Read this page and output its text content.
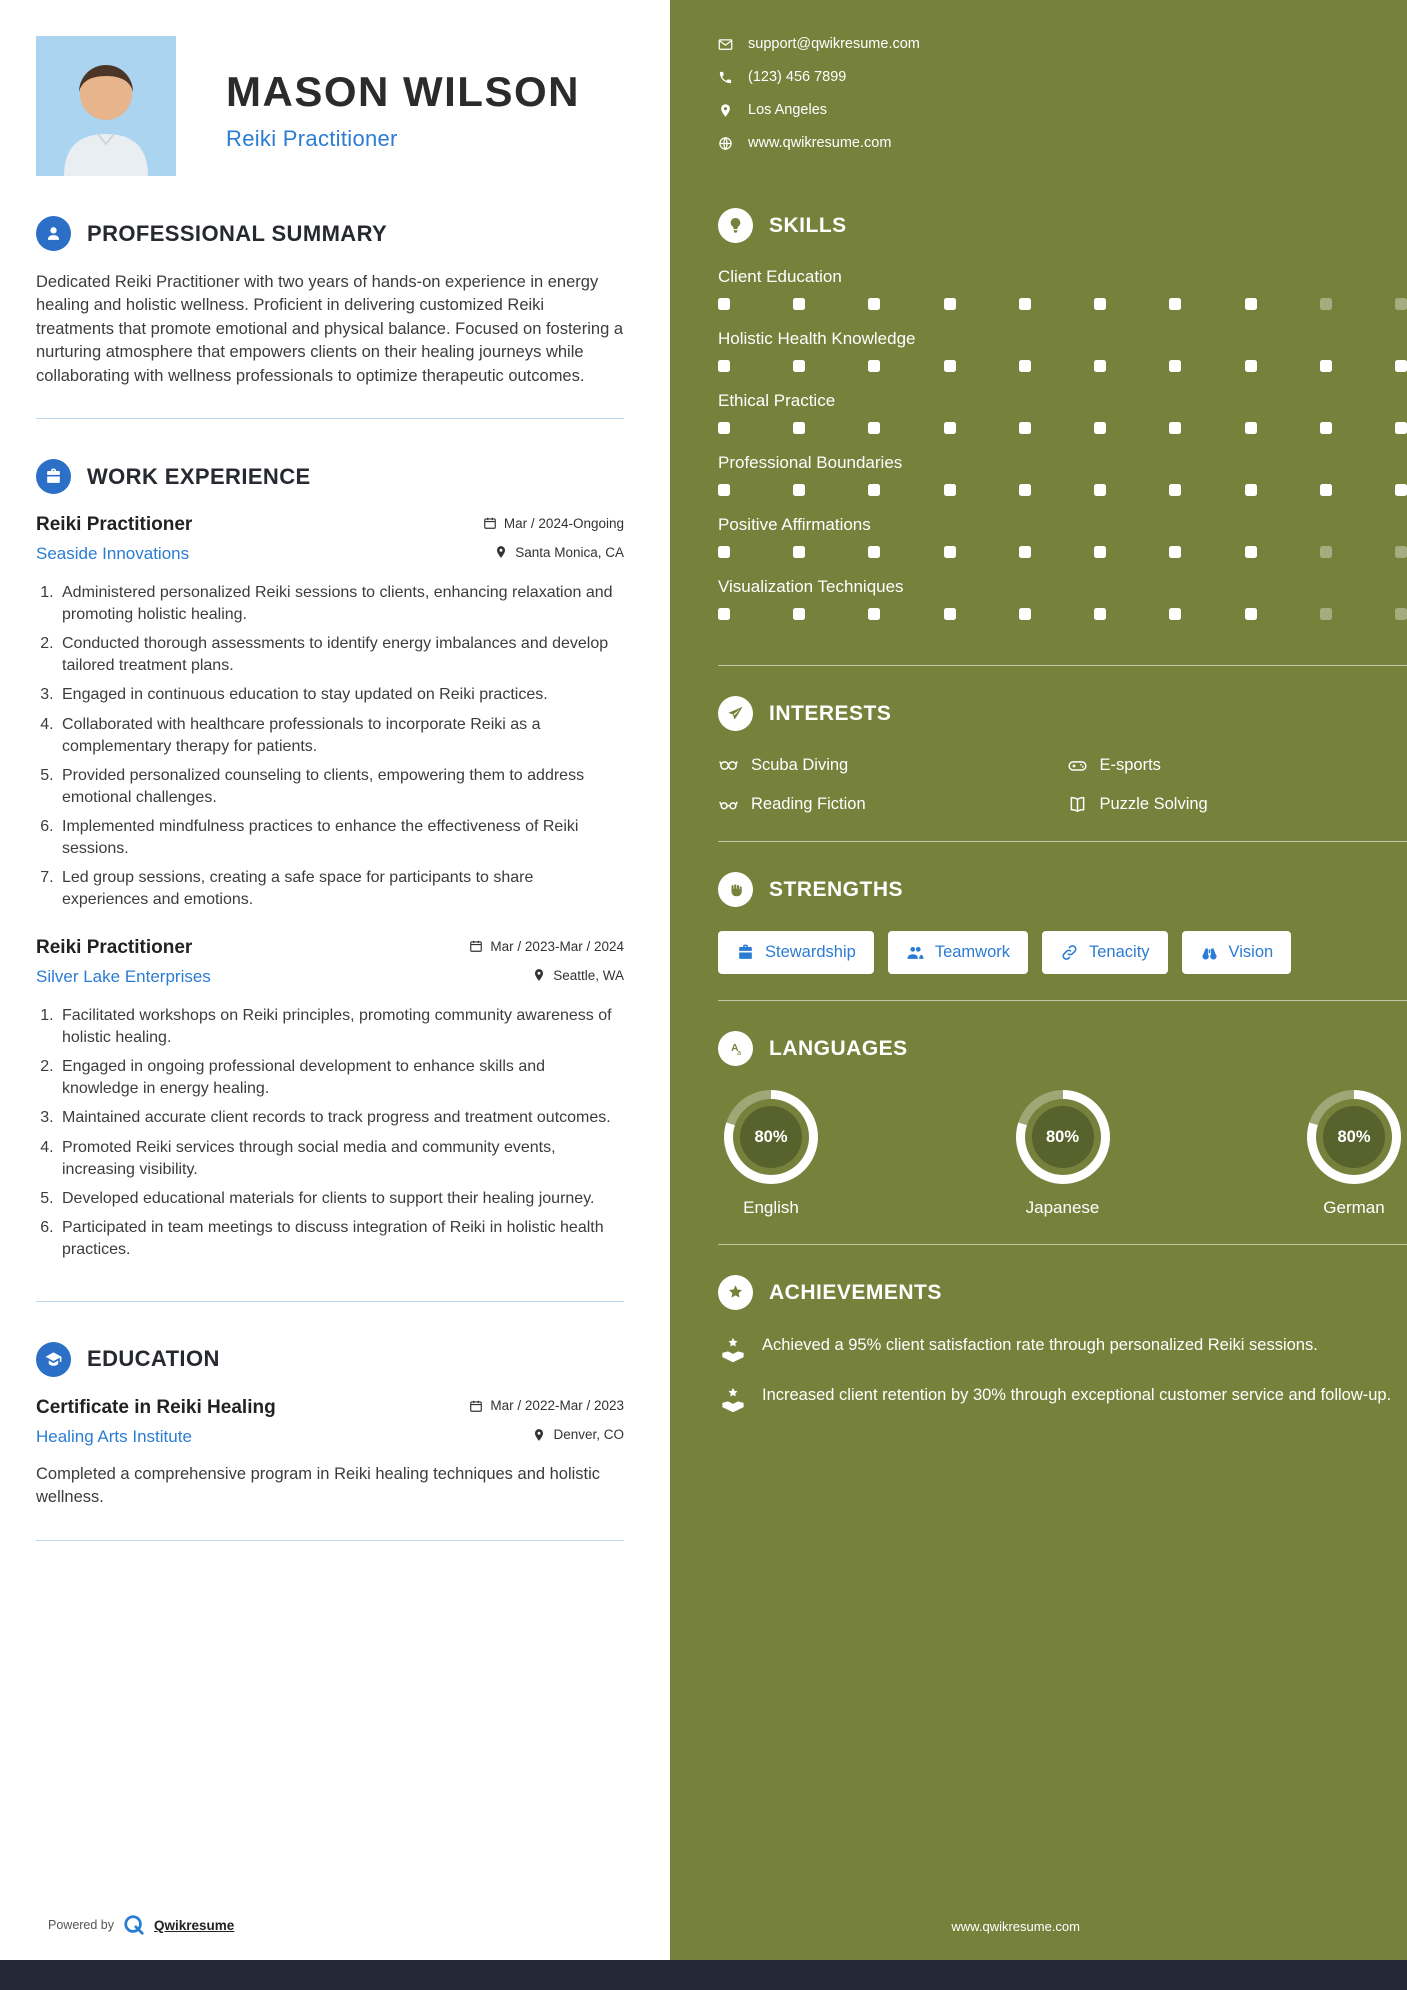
MASON WILSON
Reiki Practitioner
PROFESSIONAL SUMMARY

Dedicated Reiki Practitioner with two years of hands-on experience in energy healing and holistic wellness. Proficient in delivering customized Reiki treatments that promote emotional and physical balance. Focused on fostering a nurturing atmosphere that empowers clients on their healing journeys while collaborating with wellness professionals to optimize therapeutic outcomes.

WORK EXPERIENCE
Reiki Practitioner	Mar / 2024-Ongoing
Seaside Innovations	Santa Monica, CA
1. Administered personalized Reiki sessions to clients, enhancing relaxation and promoting holistic healing.
2. Conducted thorough assessments to identify energy imbalances and develop tailored treatment plans.
3. Engaged in continuous education to stay updated on Reiki practices.
4. Collaborated with healthcare professionals to incorporate Reiki as a complementary therapy for patients.
5. Provided personalized counseling to clients, empowering them to address emotional challenges.
6. Implemented mindfulness practices to enhance the effectiveness of Reiki sessions.
7. Led group sessions, creating a safe space for participants to share experiences and emotions.
Reiki Practitioner	Mar / 2023-Mar / 2024
Silver Lake Enterprises	Seattle, WA
1. Facilitated workshops on Reiki principles, promoting community awareness of holistic healing.
2. Engaged in ongoing professional development to enhance skills and knowledge in energy healing.
3. Maintained accurate client records to track progress and treatment outcomes.
4. Promoted Reiki services through social media and community events, increasing visibility.
5. Developed educational materials for clients to support their healing journey.
6. Participated in team meetings to discuss integration of Reiki in holistic health practices.
EDUCATION
Certificate in Reiki Healing	Mar / 2022-Mar / 2023
Healing Arts Institute	Denver, CO

Completed a comprehensive program in Reiki healing techniques and holistic wellness.

Powered by	Qwikresume
support@qwikresume.com
(123) 456 7899
Los Angeles
www.qwikresume.com
SKILLS
Client Education
Holistic Health Knowledge
Ethical Practice
Professional Boundaries
Positive Affirmations
Visualization Techniques
INTERESTS
Scuba Diving	E-sports
Reading Fiction	Puzzle Solving
STRENGTHS
Stewardship	Teamwork	Tenacity	Vision
A
a LANGUAGES
80%
English
80%
Japanese
80%
German
ACHIEVEMENTS
Achieved a 95% client satisfaction rate through personalized Reiki sessions.
Increased client retention by 30% through exceptional customer service and follow-up.
www.qwikresume.com
